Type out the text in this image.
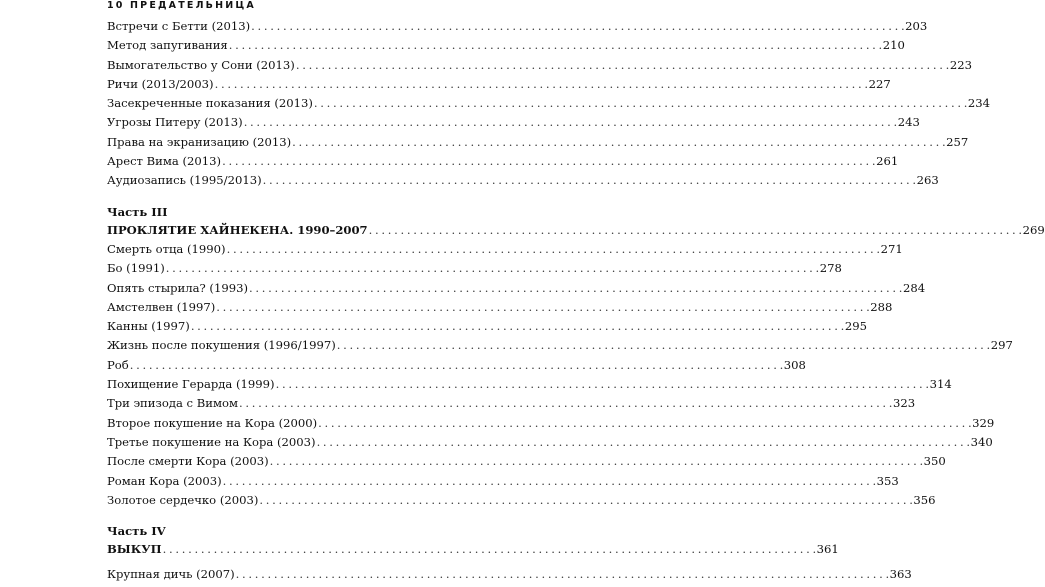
10 ПРЕДАТЕЛЬНИЦА
Встречи с Бетти (2013) . . .	203
Метод запугивания . . .	210
Вымогательство у Сони (2013) . . .	223
Ричи (2013/2003) . . .	227
Засекреченные показания (2013) . . .	234
Угрозы Питеру (2013) . . .	243
Права на экранизацию (2013) . . .	257
Арест Вима (2013) . . .	261
Аудиозапись (1995/2013) . . .	263
Часть III
ПРОКЛЯТИЕ ХАЙНЕКЕНА. 1990–2007 . . .	269
Смерть отца (1990) . . .	271
Бо (1991) . . .	278
Опять стырила? (1993) . . .	284
Амстелвен (1997) . . .	288
Канны (1997) . . .	295
Жизнь после покушения (1996/1997) . . .	297
Роб . . .	308
Похищение Герарда (1999) . . .	314
Три эпизода с Вимом . . .	323
Второе покушение на Кора (2000) . . .	329
Третье покушение на Кора (2003) . . .	340
После смерти Кора (2003) . . .	350
Роман Кора (2003) . . .	353
Золотое сердечко (2003) . . .	356
Часть IV
ВЫКУП . . .	361
Крупная дичь (2007) . . .	363
